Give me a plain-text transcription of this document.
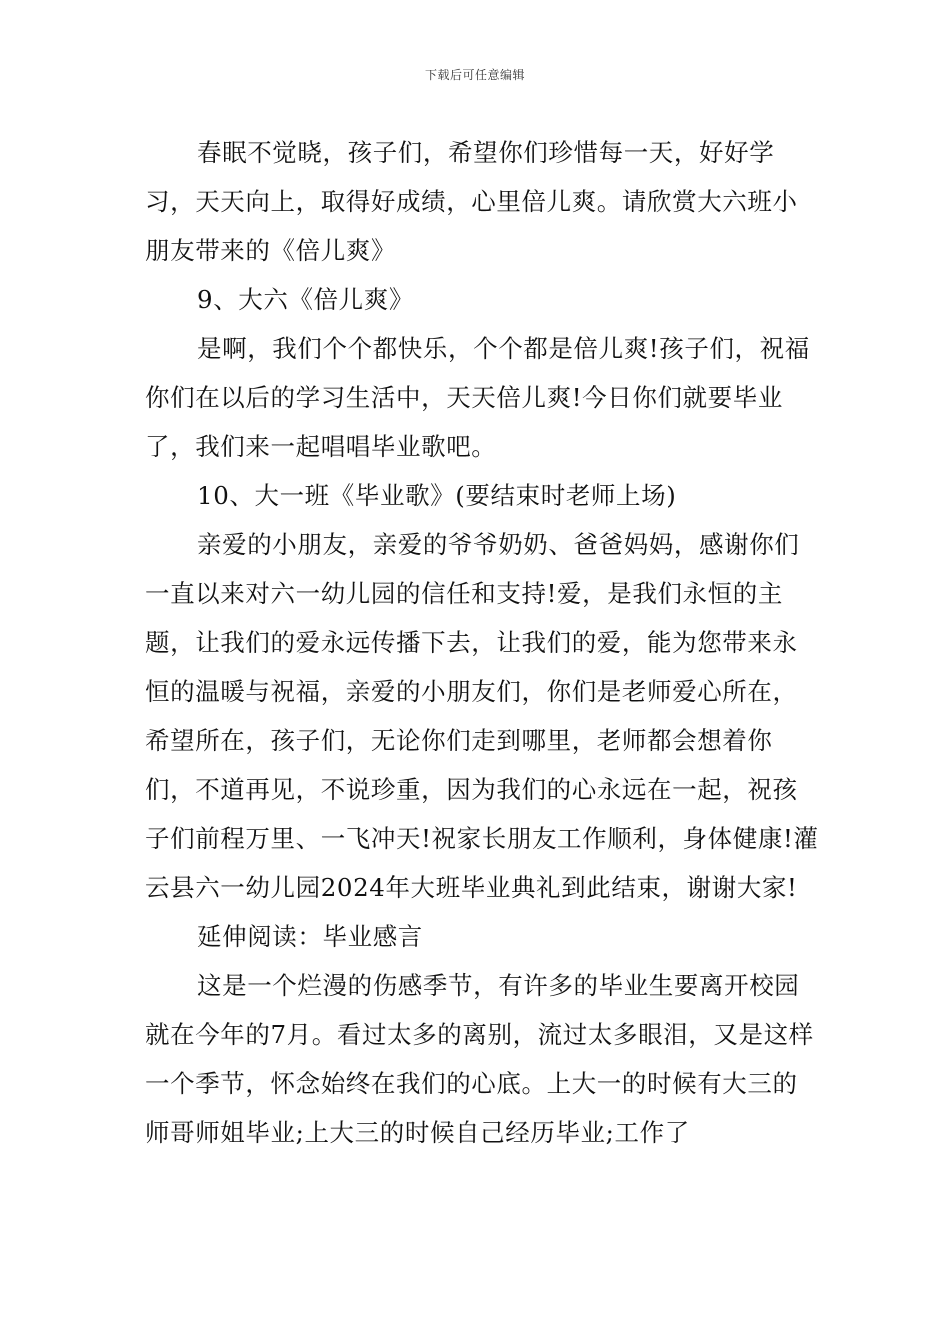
下载后可任意编辑

春眠不觉晓，孩子们，希望你们珍惜每一天，好好学习，天天向上，取得好成绩，心里倍儿爽。请欣赏大六班小朋友带来的《倍儿爽》

9、大六《倍儿爽》

是啊，我们个个都快乐，个个都是倍儿爽!孩子们，祝福你们在以后的学习生活中，天天倍儿爽!今日你们就要毕业了，我们来一起唱唱毕业歌吧。

10、大一班《毕业歌》(要结束时老师上场)

亲爱的小朋友，亲爱的爷爷奶奶、爸爸妈妈，感谢你们一直以来对六一幼儿园的信任和支持!爱，是我们永恒的主题，让我们的爱永远传播下去，让我们的爱，能为您带来永恒的温暖与祝福，亲爱的小朋友们，你们是老师爱心所在，希望所在，孩子们，无论你们走到哪里，老师都会想着你们，不道再见，不说珍重，因为我们的心永远在一起，祝孩子们前程万里、一飞冲天!祝家长朋友工作顺利，身体健康!灌云县六一幼儿园2024年大班毕业典礼到此结束，谢谢大家!

延伸阅读：毕业感言

这是一个烂漫的伤感季节，有许多的毕业生要离开校园就在今年的7月。看过太多的离别，流过太多眼泪，又是这样一个季节，怀念始终在我们的心底。上大一的时候有大三的师哥师姐毕业;上大三的时候自己经历毕业;工作了
